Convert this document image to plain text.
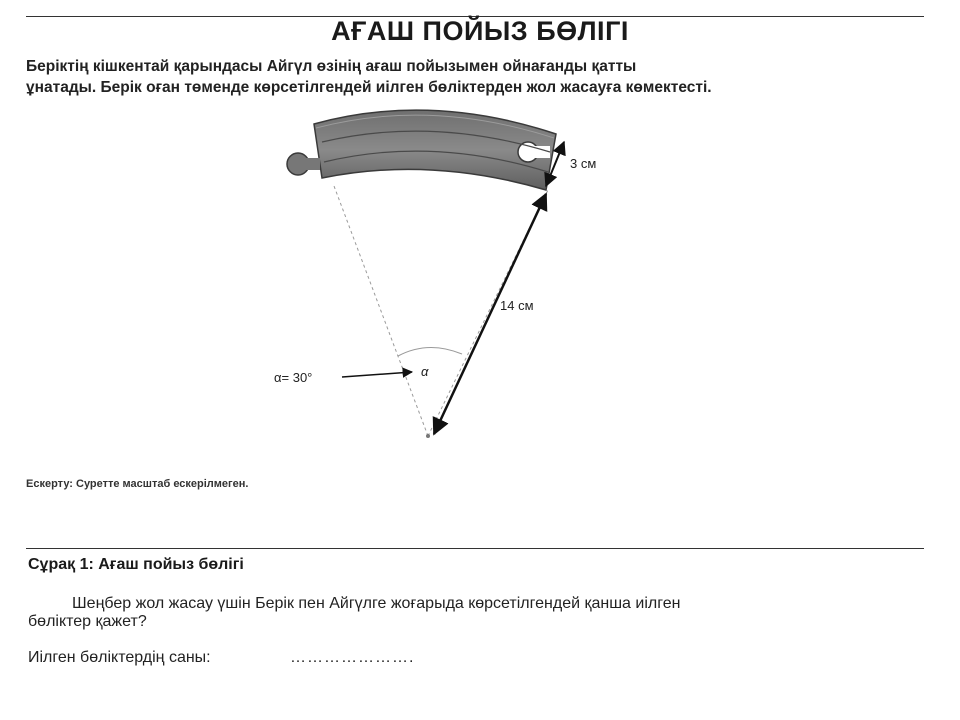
АҒАШ ПОЙЫЗ БӨЛІГІ
Беріктің кішкентай қарындасы Айгүл өзінің ағаш пойызымен ойнағанды қатты
ұнатады. Берік оған төменде көрсетілгендей иілген бөліктерден жол жасауға көмектесті.
3 см
14 см
α
α= 30°
Ескерту: Суретте масштаб ескерілмеген.
Сұрақ 1: Ағаш пойыз бөлігі
Шеңбер жол жасау үшін Берік пен Айгүлге жоғарыда көрсетілгендей қанша иілген
бөліктер қажет?
Иілген бөліктердің саны:	………………….
